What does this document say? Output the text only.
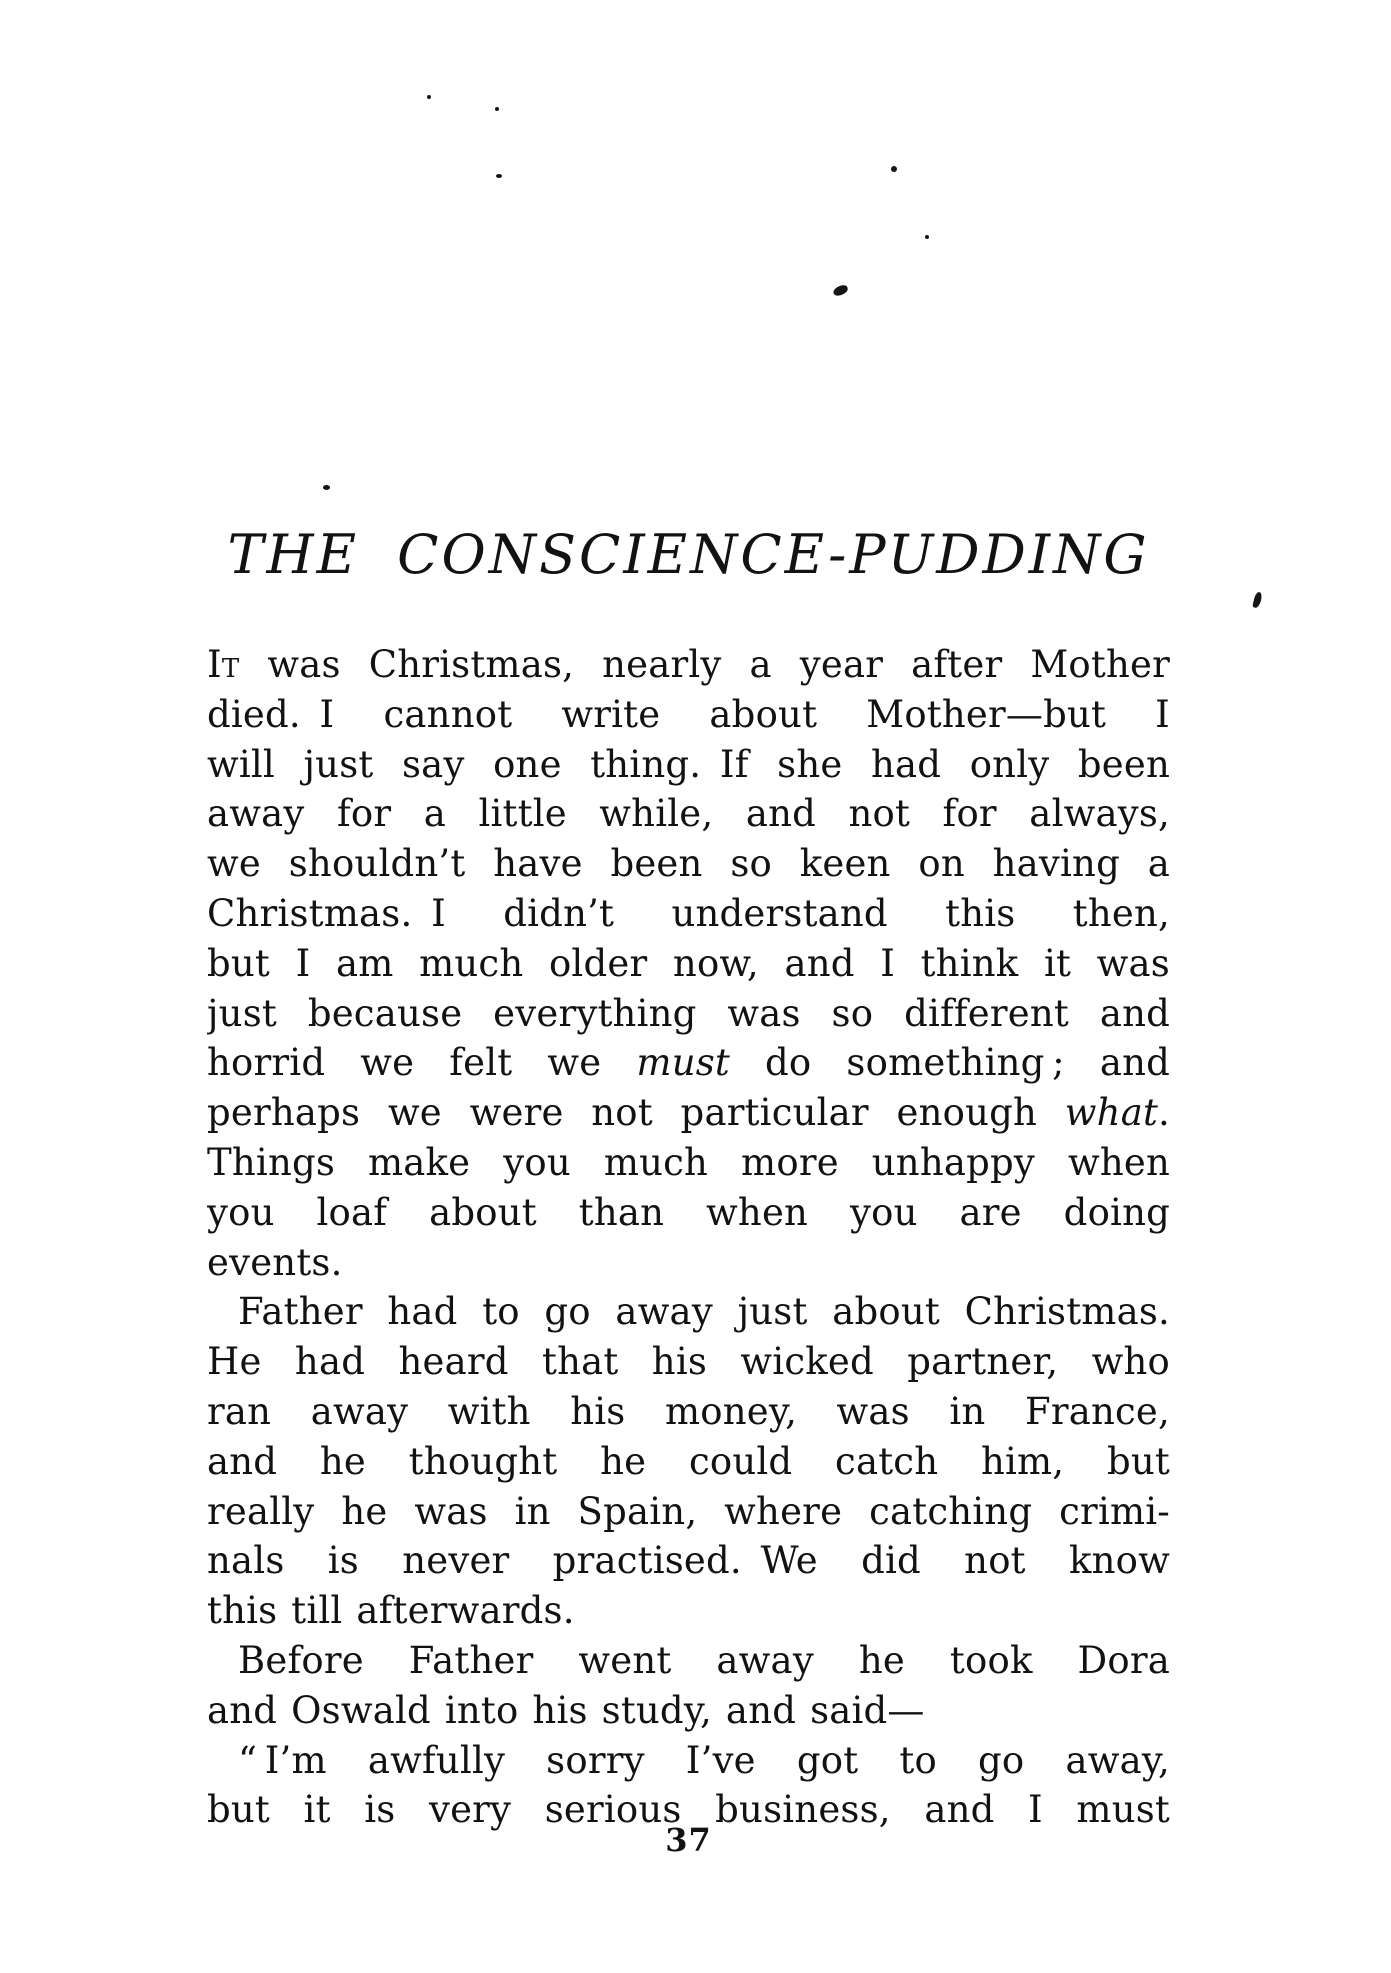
THE CONSCIENCE-PUDDING
It was Christmas, nearly a year after Mother
died. I cannot write about Mother—but I
will just say one thing. If she had only been
away for a little while, and not for always,
we shouldn’t have been so keen on having a
Christmas. I didn’t understand this then,
but I am much older now, and I think it was
just because everything was so different and
horrid we felt we must do something ; and
perhaps we were not particular enough what.
Things make you much more unhappy when
you loaf about than when you are doing
events.
Father had to go away just about Christmas.
He had heard that his wicked partner, who
ran away with his money, was in France,
and he thought he could catch him, but
really he was in Spain, where catching crimi-
nals is never practised. We did not know
this till afterwards.
Before Father went away he took Dora
and Oswald into his study, and said—
“ I’m awfully sorry I’ve got to go away,
but it is very serious business, and I must
37
